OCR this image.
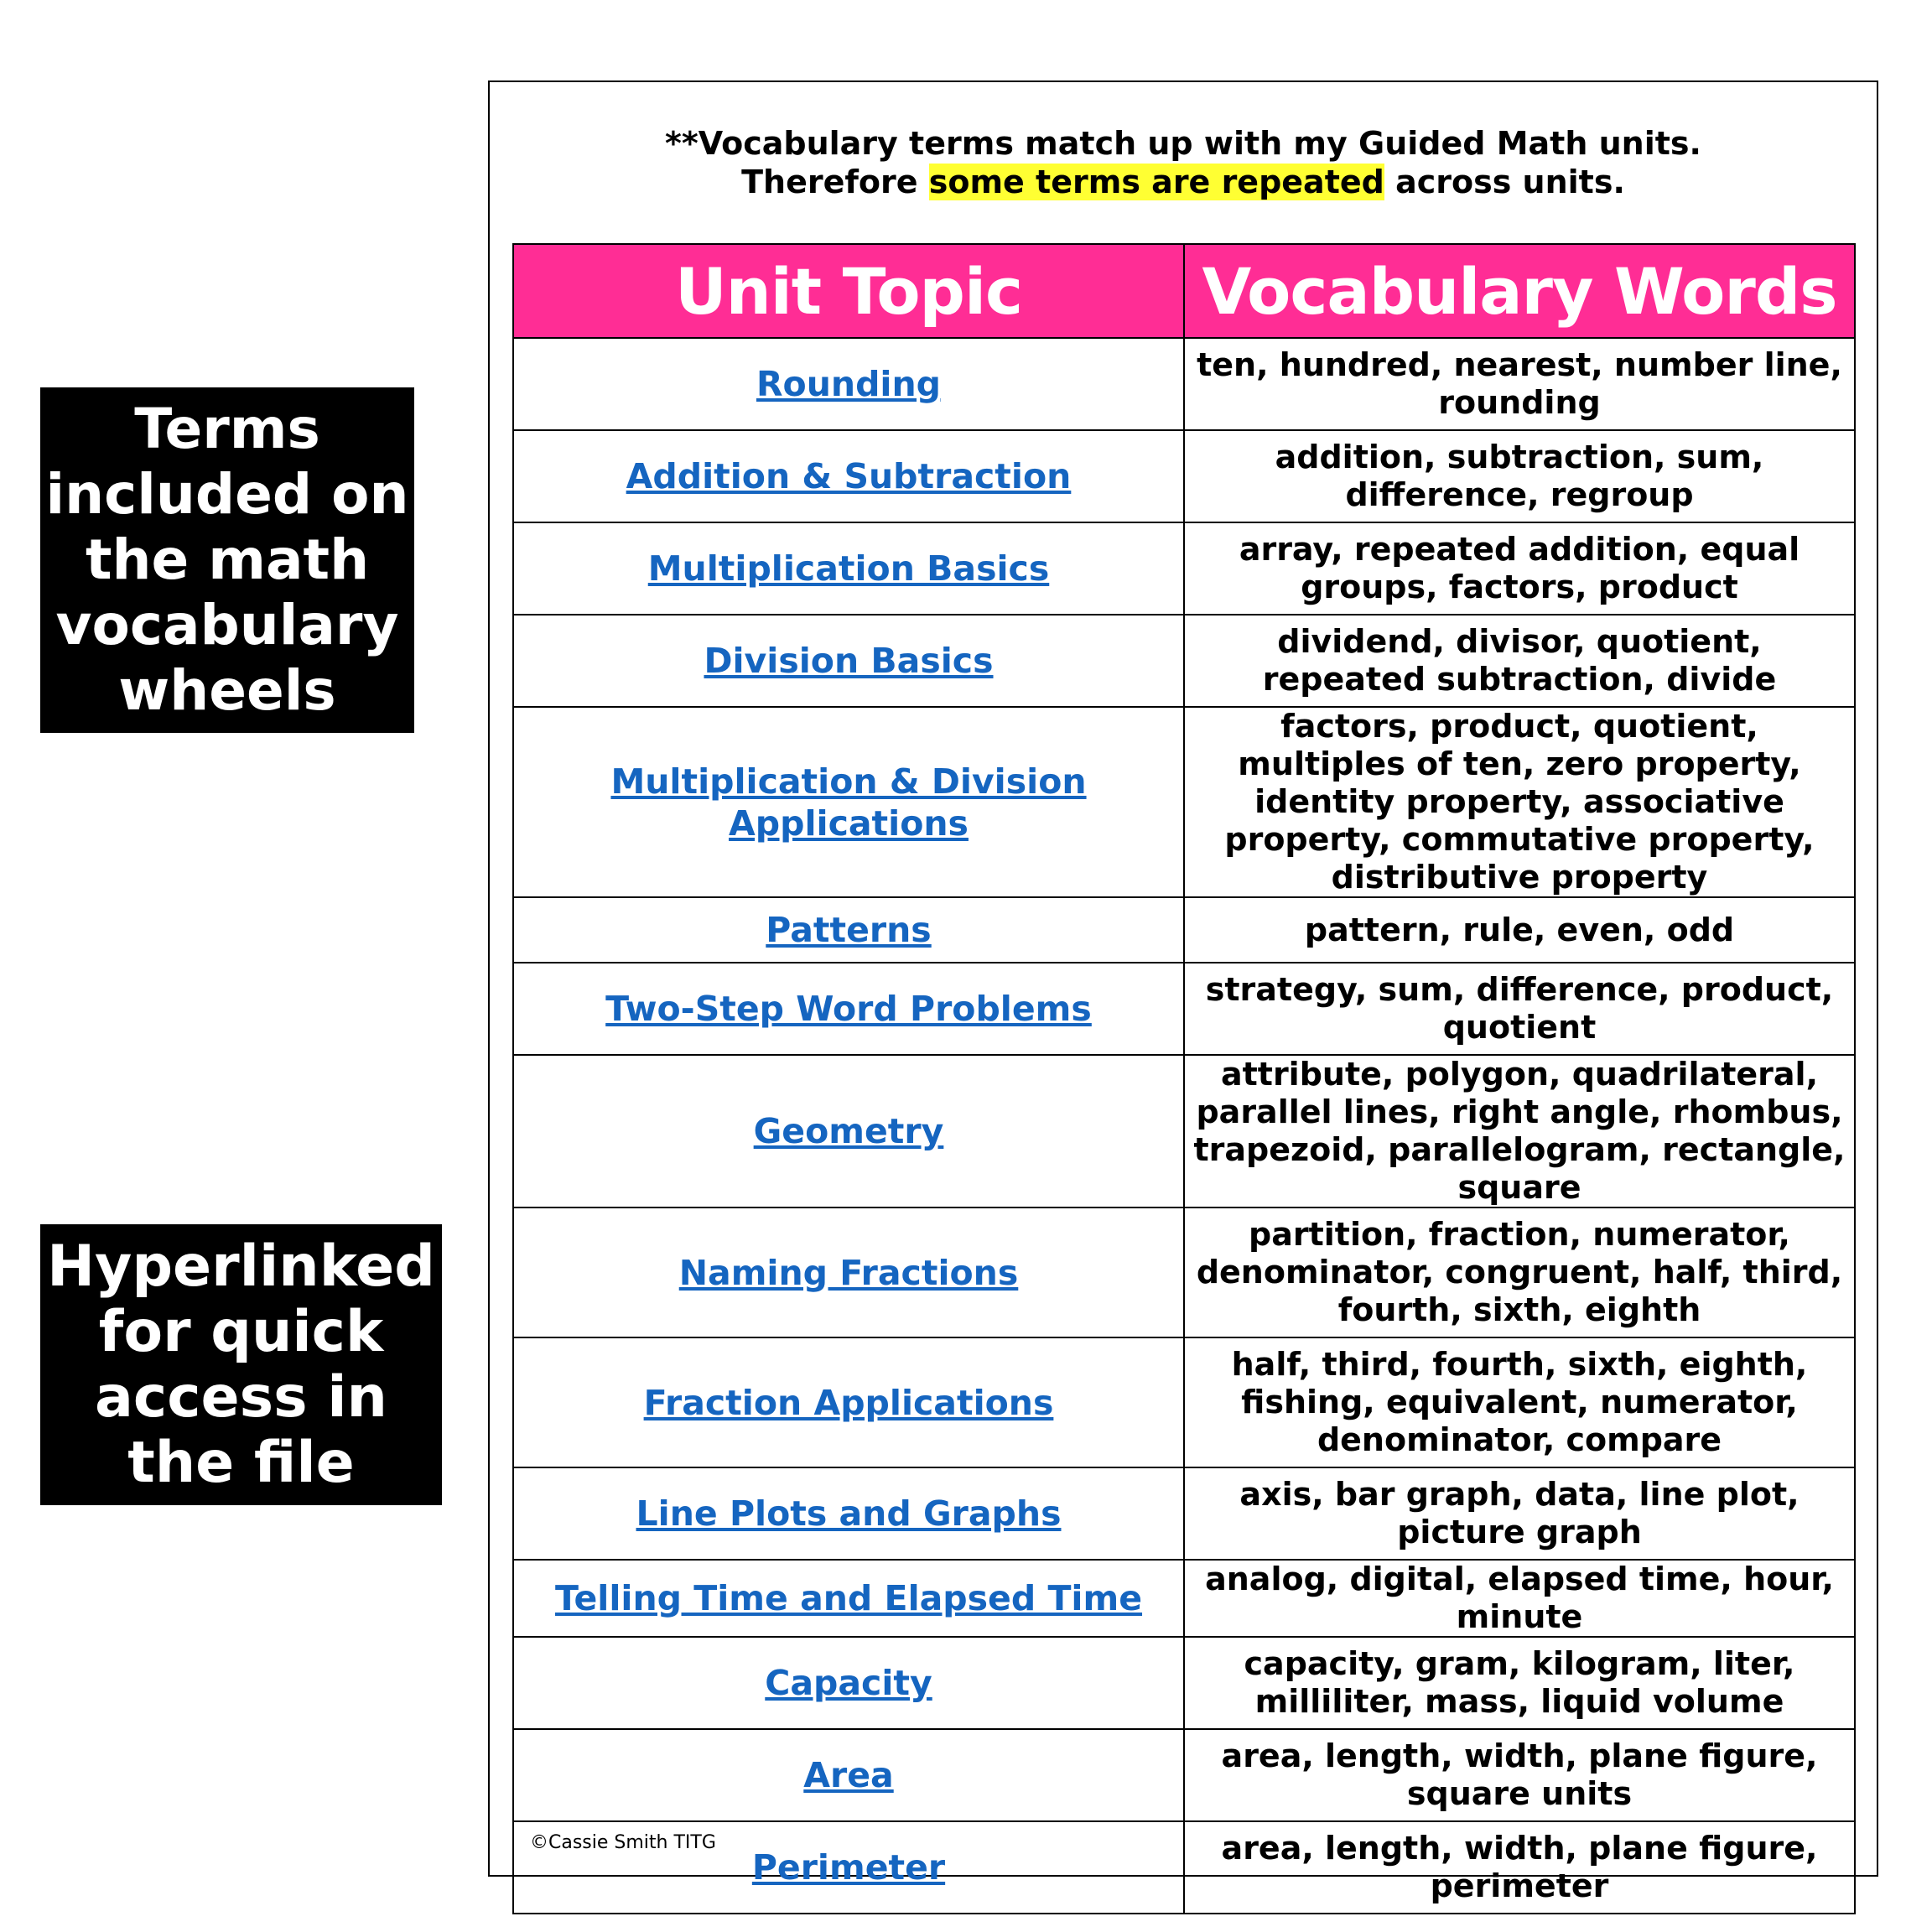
Terms
included on
the math
vocabulary
wheels
Hyperlinked
for quick
access in
the file
**Vocabulary terms match up with my Guided Math units.
Therefore some terms are repeated across units.
Unit Topic	Vocabulary Words
Rounding	ten, hundred, nearest, number line, rounding
Addition & Subtraction	addition, subtraction, sum, difference, regroup
Multiplication Basics	array, repeated addition, equal groups, factors, product
Division Basics	dividend, divisor, quotient, repeated subtraction, divide
Multiplication & Division Applications	factors, product, quotient, multiples of ten, zero property, identity property, associative property, commutative property, distributive property
Patterns	pattern, rule, even, odd
Two-Step Word Problems	strategy, sum, difference, product, quotient
Geometry	attribute, polygon, quadrilateral, parallel lines, right angle, rhombus, trapezoid, parallelogram, rectangle, square
Naming Fractions	partition, fraction, numerator, denominator, congruent, half, third, fourth, sixth, eighth
Fraction Applications	half, third, fourth, sixth, eighth, fishing, equivalent, numerator, denominator, compare
Line Plots and Graphs	axis, bar graph, data, line plot, picture graph
Telling Time and Elapsed Time	analog, digital, elapsed time, hour, minute
Capacity	capacity, gram, kilogram, liter, milliliter, mass, liquid volume
Area	area, length, width, plane figure, square units
Perimeter	area, length, width, plane figure, perimeter
©Cassie Smith TITG
